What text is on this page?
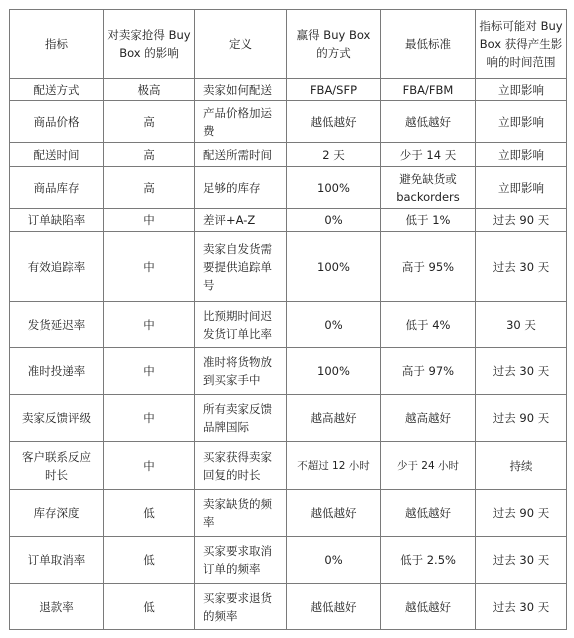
指标	对卖家抢得 Buy Box 的影响	定义	赢得 Buy Box 的方式	最低标准	指标可能对 Buy Box 获得产生影响的时间范围
配送方式	极高	卖家如何配送	FBA/SFP	FBA/FBM	立即影响
商品价格	高	产品价格加运费	越低越好	越低越好	立即影响
配送时间	高	配送所需时间	2 天	少于 14 天	立即影响
商品库存	高	足够的库存	100%	避免缺货或 backorders	立即影响
订单缺陷率	中	差评+A-Z	0%	低于 1%	过去 90 天
有效追踪率	中	卖家自发货需要提供追踪单号	100%	高于 95%	过去 30 天
发货延迟率	中	比预期时间迟发货订单比率	0%	低于 4%	30 天
准时投递率	中	准时将货物放到买家手中	100%	高于 97%	过去 30 天
卖家反馈评级	中	所有卖家反馈品牌国际	越高越好	越高越好	过去 90 天
客户联系反应时长	中	买家获得卖家回复的时长	不超过 12 小时	少于 24 小时	持续
库存深度	低	卖家缺货的频率	越低越好	越低越好	过去 90 天
订单取消率	低	买家要求取消订单的频率	0%	低于 2.5%	过去 30 天
退款率	低	买家要求退货的频率	越低越好	越低越好	过去 30 天
